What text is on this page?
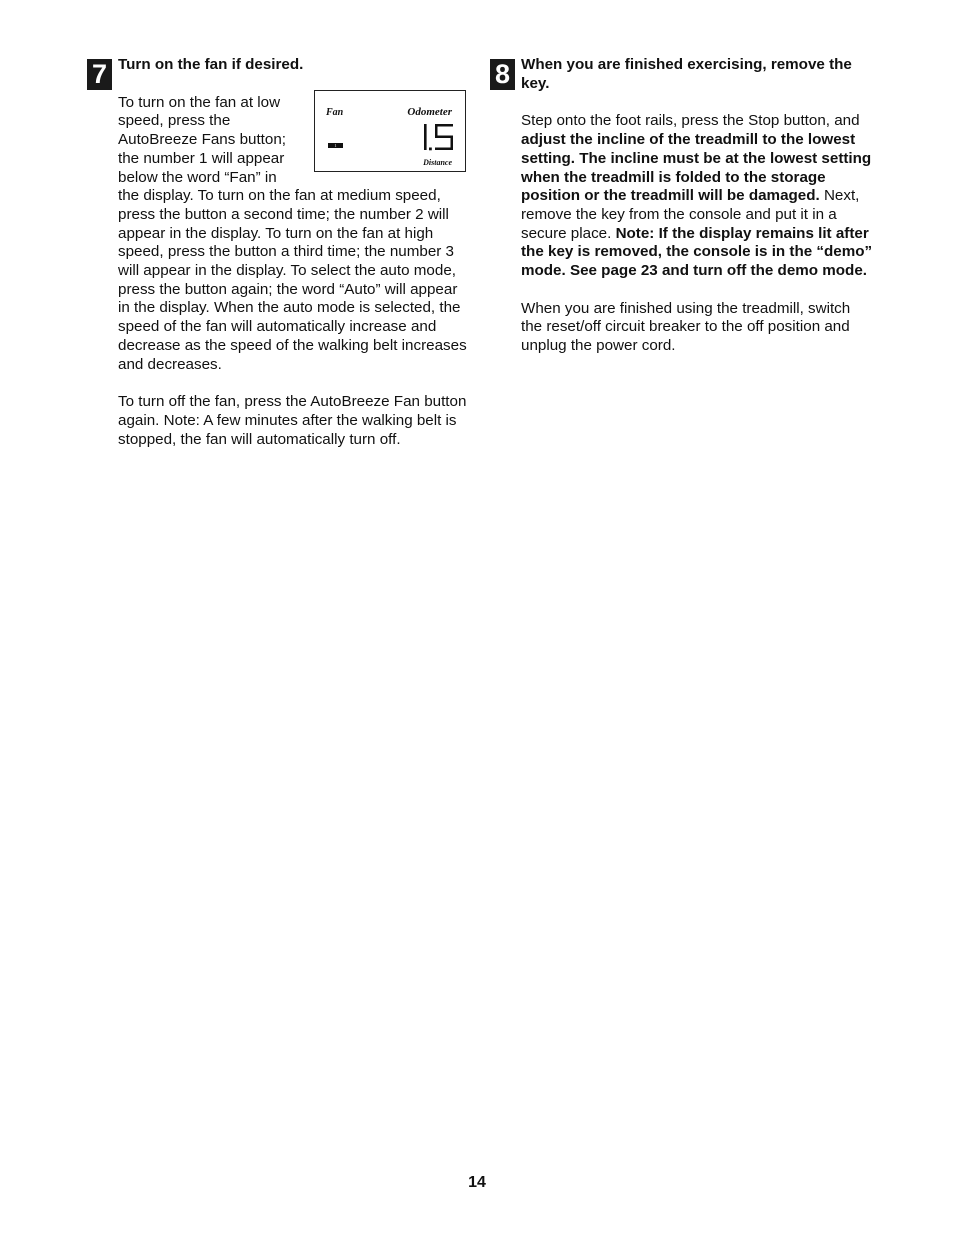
7 Turn on the fan if desired.

Fan	Odometer
1
Distance
To turn on the fan at low speed, press the AutoBreeze Fans button; the number 1 will appear below the word “Fan” in the display. To turn on the fan at medium speed, press the button a second time; the number 2 will appear in the display. To turn on the fan at high speed, press the button a third time; the number 3 will appear in the display. To select the auto mode, press the button again; the word “Auto” will appear in the display. When the auto mode is selected, the speed of the fan will automatically increase and decrease as the speed of the walking belt increases and decreases.

To turn off the fan, press the AutoBreeze Fan button again. Note: A few minutes after the walking belt is stopped, the fan will automatically turn off.

8 When you are finished exercising, remove the key.

Step onto the foot rails, press the Stop button, and adjust the incline of the treadmill to the lowest setting. The incline must be at the lowest setting when the treadmill is folded to the storage position or the treadmill will be damaged. Next, remove the key from the console and put it in a secure place. Note: If the display remains lit after the key is removed, the console is in the “demo” mode. See page 23 and turn off the demo mode.

When you are finished using the treadmill, switch the reset/off circuit breaker to the off position and unplug the power cord.

14
